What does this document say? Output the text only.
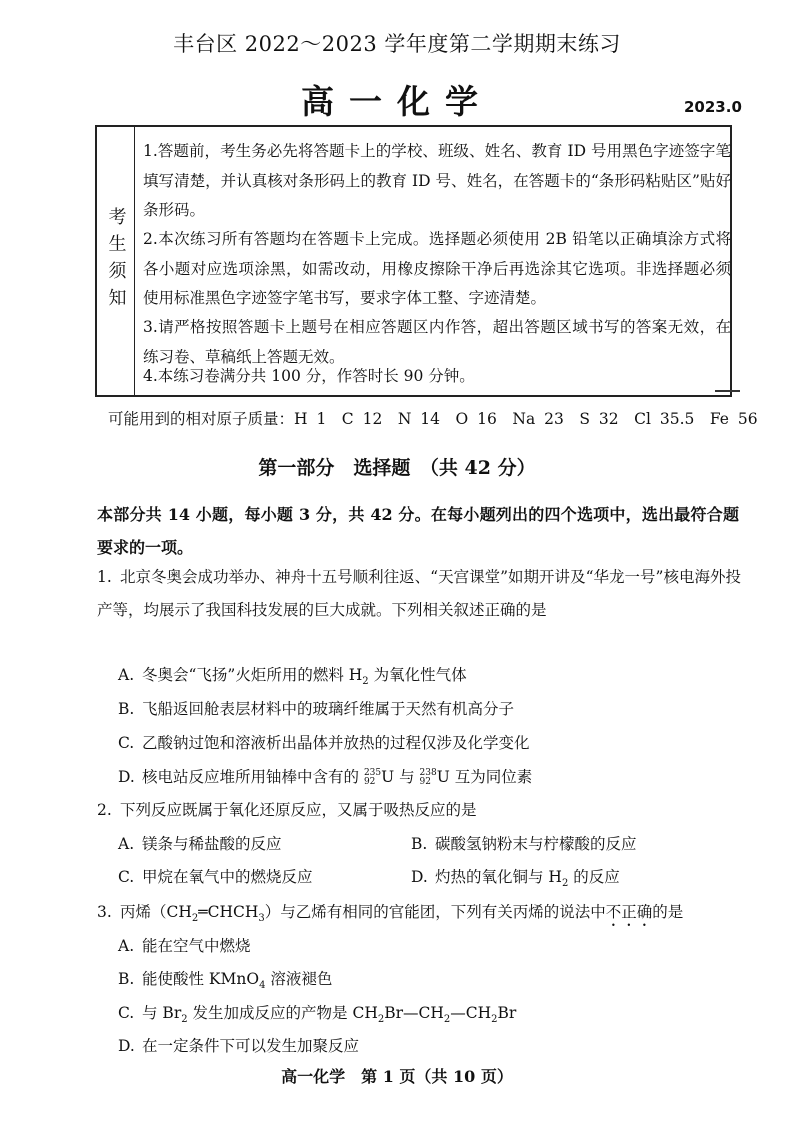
丰台区 2022～2023 学年度第二学期期末练习
高一化学	2023.0
考生须知
1.答题前，考生务必先将答题卡上的学校、班级、姓名、教育 ID 号用黑色字迹签字笔填写清楚，并认真核对条形码上的教育 ID 号、姓名，在答题卡的“条形码粘贴区”贴好条形码。
2.本次练习所有答题均在答题卡上完成。选择题必须使用 2B 铅笔以正确填涂方式将各小题对应选项涂黑，如需改动，用橡皮擦除干净后再选涂其它选项。非选择题必须使用标准黑色字迹签字笔书写，要求字体工整、字迹清楚。
3.请严格按照答题卡上题号在相应答题区内作答，超出答题区域书写的答案无效，在练习卷、草稿纸上答题无效。
4.本练习卷满分共 100 分，作答时长 90 分钟。
可能用到的相对原子质量：H 1　C 12　N 14　O 16　Na 23　S 32　Cl 35.5　Fe 56
第一部分　选择题　（共 42 分）
本部分共 14 小题，每小题 3 分，共 42 分。在每小题列出的四个选项中，选出最符合题要求的一项。
1. 北京冬奥会成功举办、神舟十五号顺利往返、“天宫课堂”如期开讲及“华龙一号”核电海外投产等，均展示了我国科技发展的巨大成就。下列相关叙述正确的是
A. 冬奥会“飞扬”火炬所用的燃料 $H_2$ 为氧化性气体
B. 飞船返回舱表层材料中的玻璃纤维属于天然有机高分子
C. 乙酸钠过饱和溶液析出晶体并放热的过程仅涉及化学变化
D. 核电站反应堆所用铀棒中含有的 235
92 U 与 238
92 U 互为同位素
2. 下列反应既属于氧化还原反应，又属于吸热反应的是
A. 镁条与稀盐酸的反应	B. 碳酸氢钠粉末与柠檬酸的反应
C. 甲烷在氧气中的燃烧反应	D. 灼热的氧化铜与 $H_2$ 的反应
3. 丙烯$(CH_2═CHCH_3)$与乙烯有相同的官能团，下列有关丙烯的说法中不正确的是
A. 能在空气中燃烧
B. 能使酸性 KMnO$_4$ 溶液褪色
C. 与 $Br_2$ 发生加成反应的产物是 $CH_2Br—CH_2—CH_2Br$
D. 在一定条件下可以发生加聚反应
高一化学　第 1 页（共 10 页）
